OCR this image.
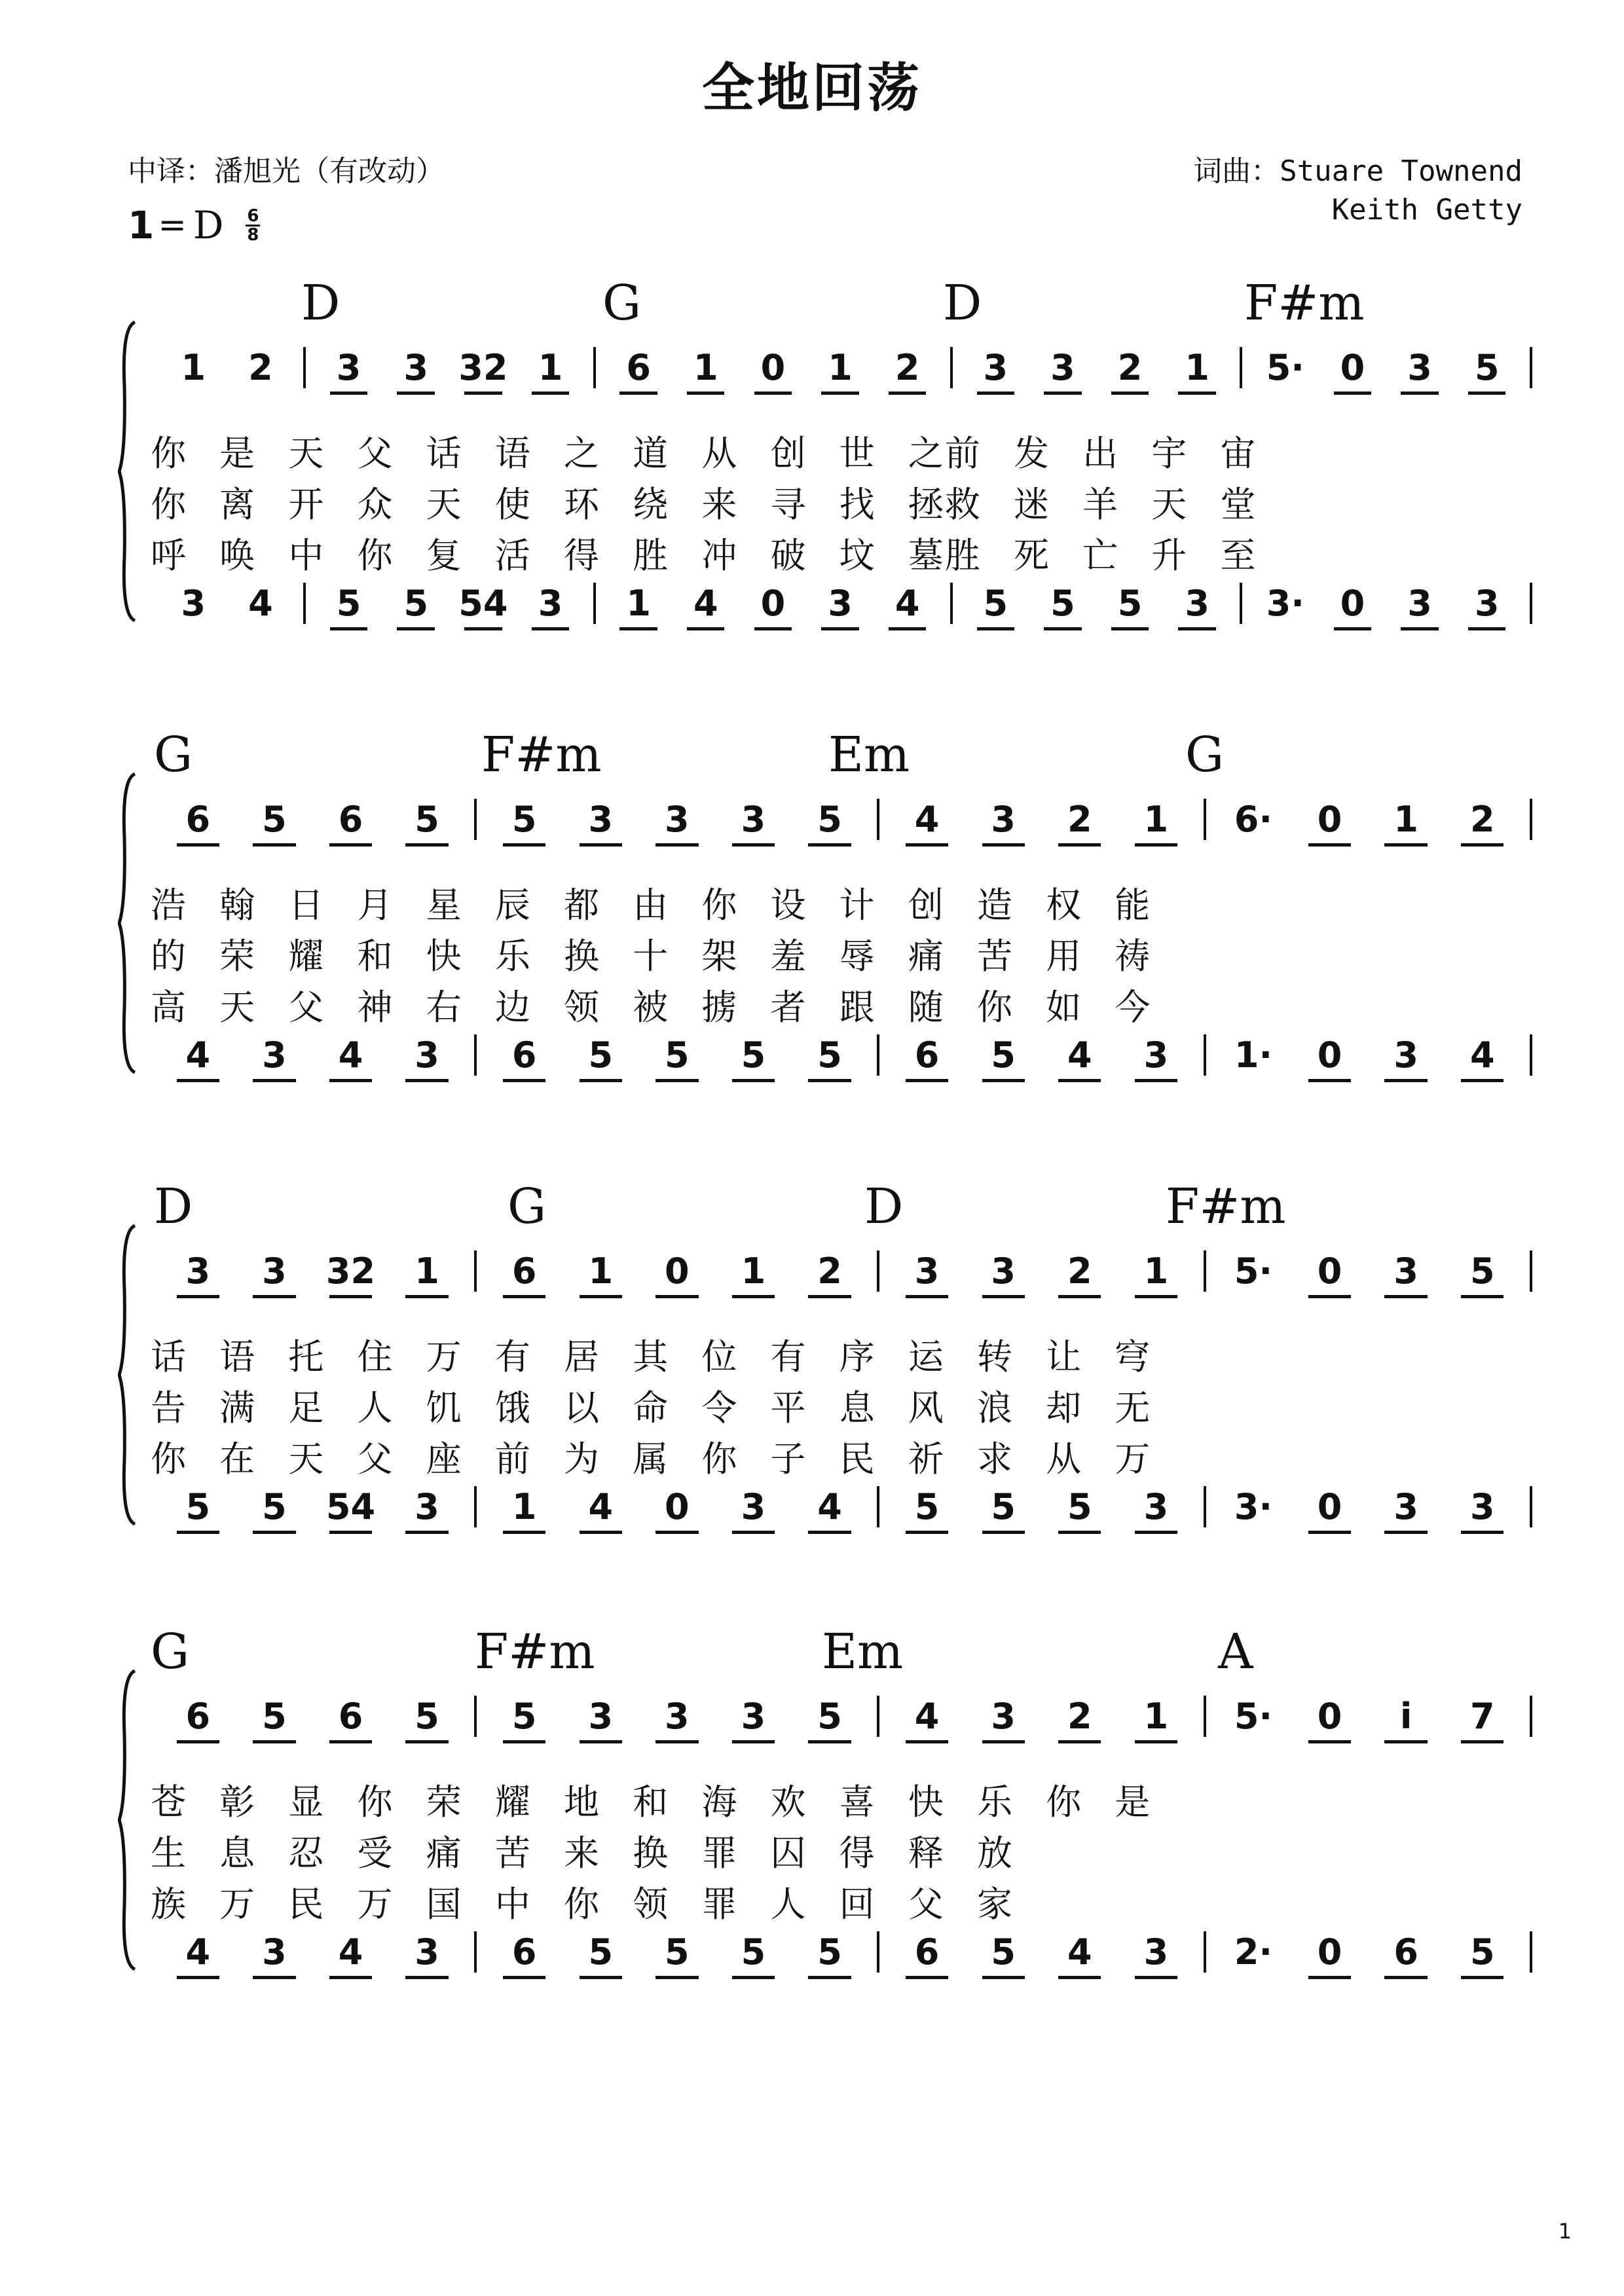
全地回荡
中译：潘旭光（有改动）	词曲：Stuare Townend
Keith Getty
1 = D 6
8
D	G	D	F#m
1	2	3	3 32 1	6	1	0	1	2	3	3	2	1	5·	0	3	5
你 是 天 父 话 语 之 道 从 创 世 之前 发 出 宇 宙
你 离 开 众 天 使 环 绕 来 寻 找 拯救 迷 羊 天 堂
呼 唤 中 你 复 活 得 胜 冲 破 坟 墓胜 死 亡 升 至
3	4	5	5 54 3	1	4	0	3	4	5	5	5	3	3·	0	3	3
G	F#m	Em	G
6	5	6	5	5	3	3	3	5	4	3	2	1	6·	0	1	2
浩 翰 日 月 星 辰 都 由 你 设 计 创 造 权 能
的 荣 耀 和 快 乐 换 十 架 羞 辱 痛 苦 用 祷
高 天 父 神 右 边 领 被 掳 者 跟 随 你 如 今
4	3	4	3	6	5	5	5	5	6	5	4	3	1·	0	3	4
D	G	D	F#m
3	3	32	1	6	1	0	1	2	3	3	2	1	5·	0	3	5
话 语 托 住 万 有 居 其 位 有 序 运 转 让 穹
告 满 足 人 饥 饿 以 命 令 平 息 风 浪 却 无
你 在 天 父 座 前 为 属 你 子 民 祈 求 从 万
5	5	54	3	1	4	0	3	4	5	5	5	3	3·	0	3	3
G	F#m	Em	A
6	5	6	5	5	3	3	3	5	4	3	2	1	5·	0	i	7
苍 彰 显 你 荣 耀 地 和 海 欢 喜 快 乐 你 是
生 息 忍 受 痛 苦 来 换 罪 囚 得 释 放
族 万 民 万 国 中 你 领 罪 人 回 父 家
4	3	4	3	6	5	5	5	5	6	5	4	3	2·	0	6	5
1
